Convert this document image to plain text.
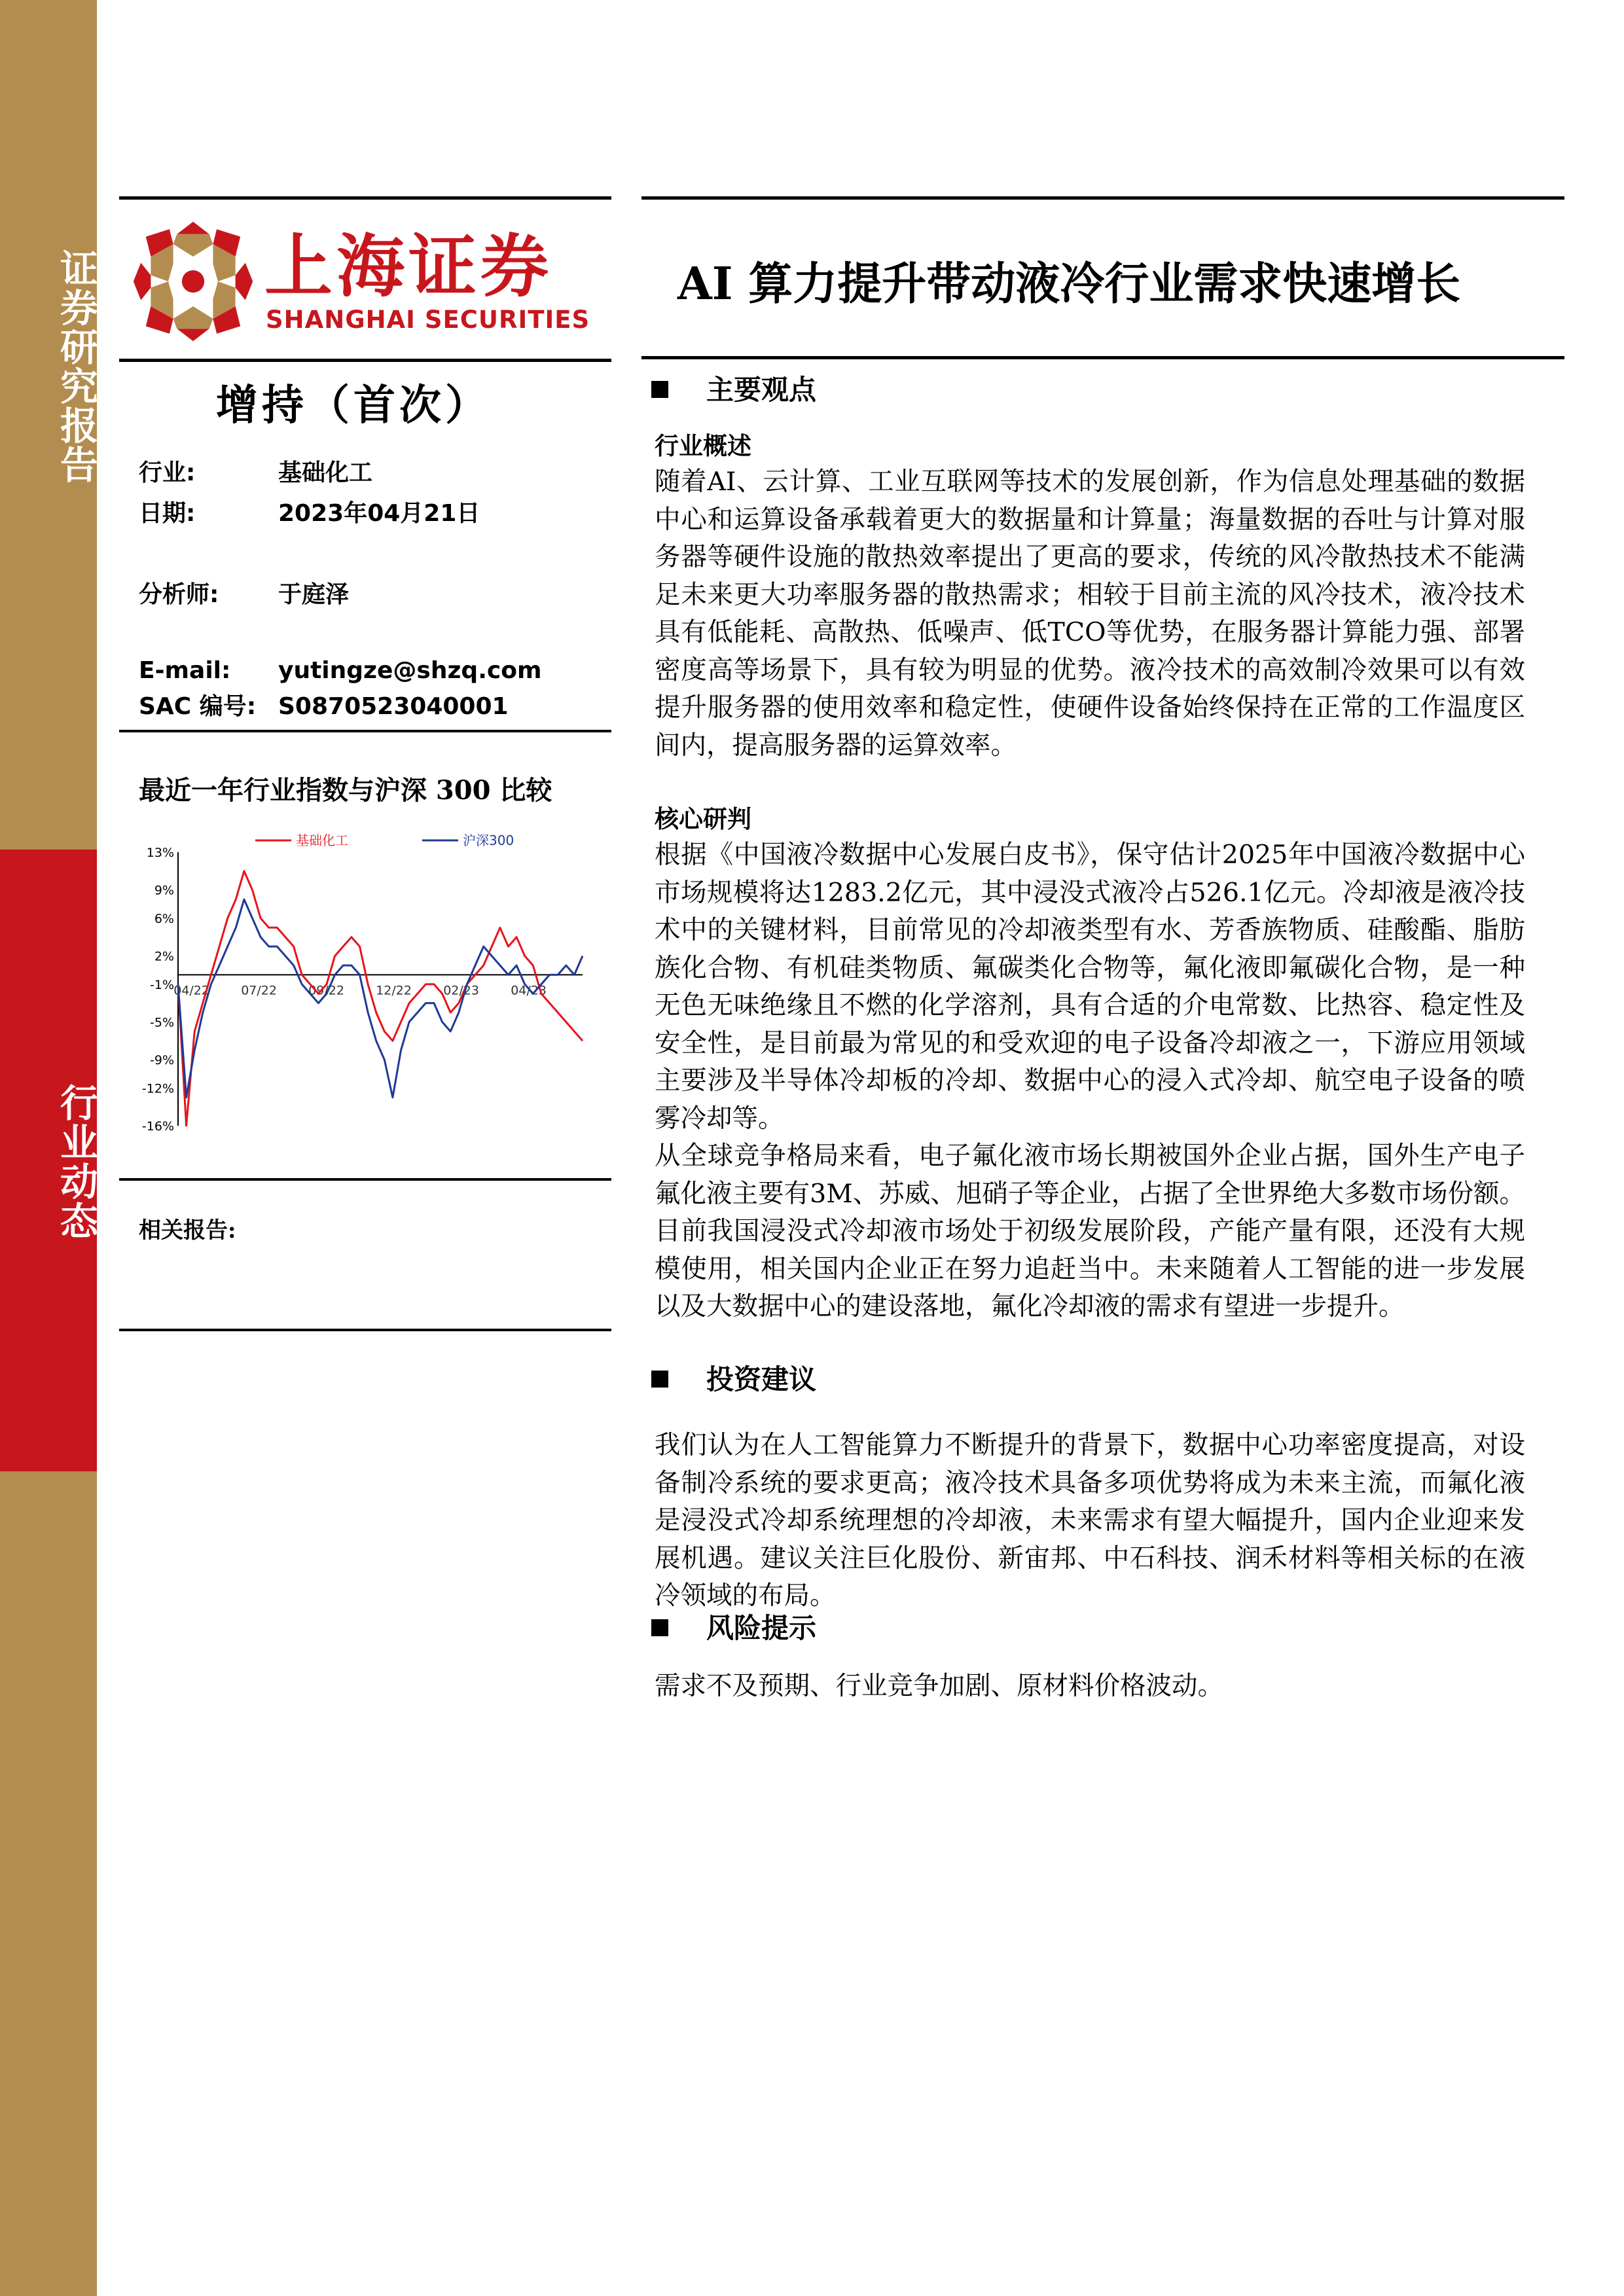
证券研究报告
行业动态
上海证券
SHANGHAI SECURITIES
AI 算力提升带动液冷行业需求快速增长
增持（首次）
行业:	基础化工
日期:	2023年04月21日
分析师:	于庭泽
E-mail: yutingze@shzq.com
SAC 编号: S0870523040001
最近一年行业指数与沪深 300 比较
基础化工	沪深300
13%
9%
6%
2%
-1%
-5%
-9%
-12%
-16%
04/22	07/22	09/22	12/22	02/23	04/23
相关报告:
主要观点
行业概述

随着AI、云计算、工业互联网等技术的发展创新，作为信息处理基础的数据中心和运算设备承载着更大的数据量和计算量；海量数据的吞吐与计算对服务器等硬件设施的散热效率提出了更高的要求，传统的风冷散热技术不能满足未来更大功率服务器的散热需求；相较于目前主流的风冷技术，液冷技术具有低能耗、高散热、低噪声、低TCO等优势，在服务器计算能力强、部署密度高等场景下，具有较为明显的优势。液冷技术的高效制冷效果可以有效提升服务器的使用效率和稳定性，使硬件设备始终保持在正常的工作温度区间内，提高服务器的运算效率。

核心研判

根据《中国液冷数据中心发展白皮书》，保守估计2025年中国液冷数据中心市场规模将达1283.2亿元，其中浸没式液冷占526.1亿元。冷却液是液冷技术中的关键材料，目前常见的冷却液类型有水、芳香族物质、硅酸酯、脂肪族化合物、有机硅类物质、氟碳类化合物等，氟化液即氟碳化合物，是一种无色无味绝缘且不燃的化学溶剂，具有合适的介电常数、比热容、稳定性及安全性，是目前最为常见的和受欢迎的电子设备冷却液之一，下游应用领域主要涉及半导体冷却板的冷却、数据中心的浸入式冷却、航空电子设备的喷雾冷却等。

从全球竞争格局来看，电子氟化液市场长期被国外企业占据，国外生产电子氟化液主要有3M、苏威、旭硝子等企业，占据了全世界绝大多数市场份额。目前我国浸没式冷却液市场处于初级发展阶段，产能产量有限，还没有大规模使用，相关国内企业正在努力追赶当中。未来随着人工智能的进一步发展以及大数据中心的建设落地，氟化冷却液的需求有望进一步提升。

投资建议

我们认为在人工智能算力不断提升的背景下，数据中心功率密度提高，对设备制冷系统的要求更高；液冷技术具备多项优势将成为未来主流，而氟化液是浸没式冷却系统理想的冷却液，未来需求有望大幅提升，国内企业迎来发展机遇。建议关注巨化股份、新宙邦、中石科技、润禾材料等相关标的在液冷领域的布局。

风险提示

需求不及预期、行业竞争加剧、原材料价格波动。
